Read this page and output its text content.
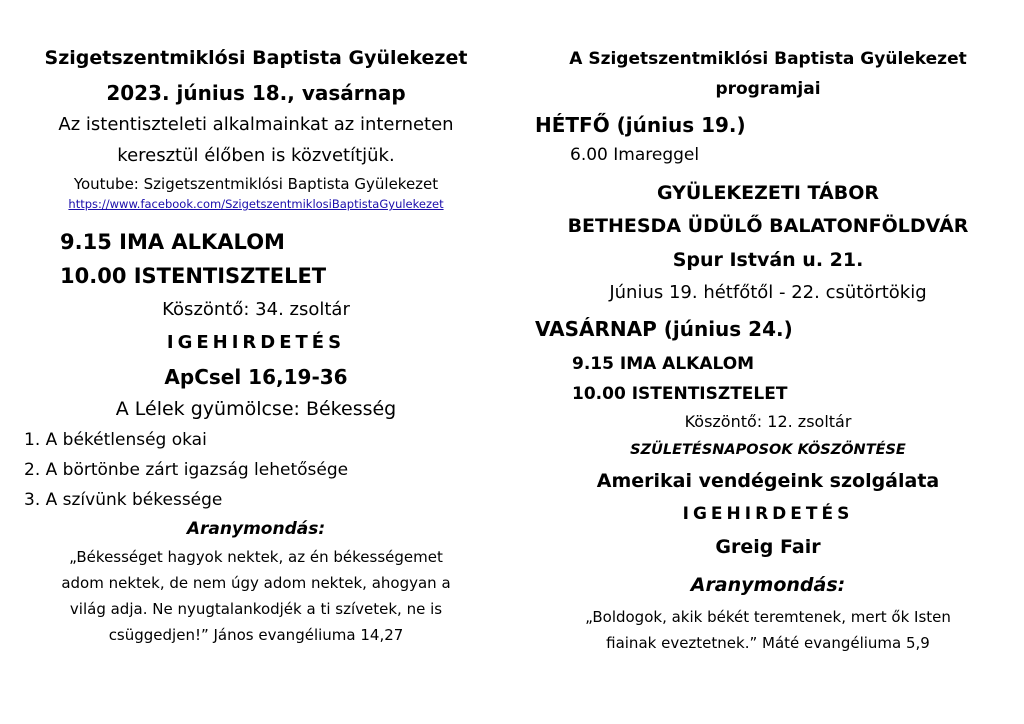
Szigetszentmiklósi Baptista Gyülekezet
2023. június 18., vasárnap
Az istentiszteleti alkalmainkat az interneten
keresztül élőben is közvetítjük.
Youtube: Szigetszentmiklósi Baptista Gyülekezet
https://www.facebook.com/SzigetszentmiklosiBaptistaGyulekezet
9.15 IMA ALKALOM
10.00 ISTENTISZTELET
Köszöntő: 34. zsoltár
IGEHIRDETÉS
ApCsel 16,19-36
A Lélek gyümölcse: Békesség
1. A békétlenség okai
2. A börtönbe zárt igazság lehetősége
3. A szívünk békessége
Aranymondás:
„Békességet hagyok nektek, az én békességemet
adom nektek, de nem úgy adom nektek, ahogyan a
világ adja. Ne nyugtalankodjék a ti szívetek, ne is
csüggedjen!” János evangéliuma 14,27
A Szigetszentmiklósi Baptista Gyülekezet
programjai
HÉTFŐ (június 19.)
6.00 Imareggel
GYÜLEKEZETI TÁBOR
BETHESDA ÜDÜLŐ BALATONFÖLDVÁR
Spur István u. 21.
Június 19. hétfőtől - 22. csütörtökig
VASÁRNAP (június 24.)
9.15 IMA ALKALOM
10.00 ISTENTISZTELET
Köszöntő: 12. zsoltár
SZÜLETÉSNAPOSOK KÖSZÖNTÉSE
Amerikai vendégeink szolgálata
IGEHIRDETÉS
Greig Fair
Aranymondás:
„Boldogok, akik békét teremtenek, mert ők Isten
fiainak eveztetnek.” Máté evangéliuma 5,9
